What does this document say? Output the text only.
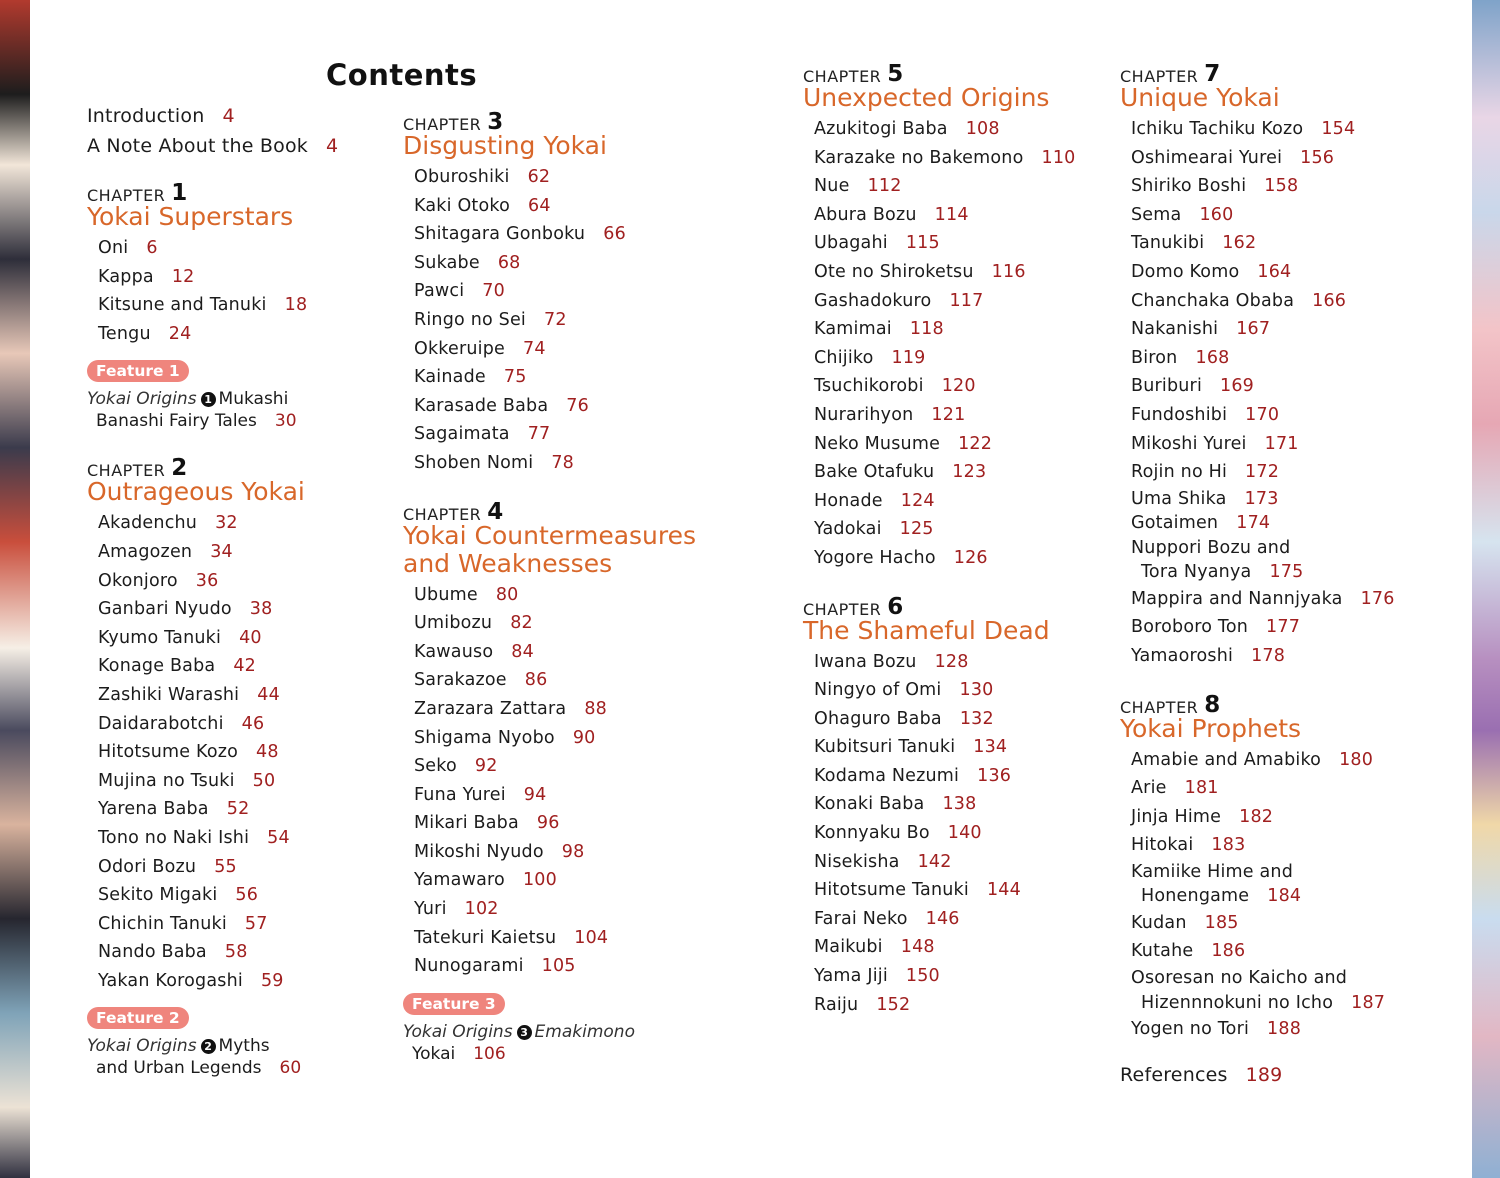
Contents
Introduction 4
A Note About the Book 4
CHAPTER 1
Yokai Superstars
Oni 6
Kappa 12
Kitsune and Tanuki 18
Tengu 24
Feature 1
Yokai Origins 1 Mukashi
Banashi Fairy Tales 30
CHAPTER 2
Outrageous Yokai
Akadenchu 32
Amagozen 34
Okonjoro 36
Ganbari Nyudo 38
Kyumo Tanuki 40
Konage Baba 42
Zashiki Warashi 44
Daidarabotchi 46
Hitotsume Kozo 48
Mujina no Tsuki 50
Yarena Baba 52
Tono no Naki Ishi 54
Odori Bozu 55
Sekito Migaki 56
Chichin Tanuki 57
Nando Baba 58
Yakan Korogashi 59
Feature 2
Yokai Origins 2 Myths
and Urban Legends 60
CHAPTER 3
Disgusting Yokai
Oburoshiki 62
Kaki Otoko 64
Shitagara Gonboku 66
Sukabe 68
Pawci 70
Ringo no Sei 72
Okkeruipe 74
Kainade 75
Karasade Baba 76
Sagaimata 77
Shoben Nomi 78
CHAPTER 4
Yokai Countermeasures
and Weaknesses
Ubume 80
Umibozu 82
Kawauso 84
Sarakazoe 86
Zarazara Zattara 88
Shigama Nyobo 90
Seko 92
Funa Yurei 94
Mikari Baba 96
Mikoshi Nyudo 98
Yamawaro 100
Yuri 102
Tatekuri Kaietsu 104
Nunogarami 105
Feature 3
Yokai Origins 3 Emakimono
Yokai 106
CHAPTER 5
Unexpected Origins
Azukitogi Baba 108
Karazake no Bakemono 110
Nue 112
Abura Bozu 114
Ubagahi 115
Ote no Shiroketsu 116
Gashadokuro 117
Kamimai 118
Chijiko 119
Tsuchikorobi 120
Nurarihyon 121
Neko Musume 122
Bake Otafuku 123
Honade 124
Yadokai 125
Yogore Hacho 126
CHAPTER 6
The Shameful Dead
Iwana Bozu 128
Ningyo of Omi 130
Ohaguro Baba 132
Kubitsuri Tanuki 134
Kodama Nezumi 136
Konaki Baba 138
Konnyaku Bo 140
Nisekisha 142
Hitotsume Tanuki 144
Farai Neko 146
Maikubi 148
Yama Jiji 150
Raiju 152
CHAPTER 7
Unique Yokai
Ichiku Tachiku Kozo 154
Oshimearai Yurei 156
Shiriko Boshi 158
Sema 160
Tanukibi 162
Domo Komo 164
Chanchaka Obaba 166
Nakanishi 167
Biron 168
Buriburi 169
Fundoshibi 170
Mikoshi Yurei 171
Rojin no Hi 172
Uma Shika 173
Gotaimen 174
Nuppori Bozu and
Tora Nyanya 175
Mappira and Nannjyaka 176
Boroboro Ton 177
Yamaoroshi 178
CHAPTER 8
Yokai Prophets
Amabie and Amabiko 180
Arie 181
Jinja Hime 182
Hitokai 183
Kamiike Hime and
Honengame 184
Kudan 185
Kutahe 186
Osoresan no Kaicho and
Hizennnokuni no Icho 187
Yogen no Tori 188
References 189
